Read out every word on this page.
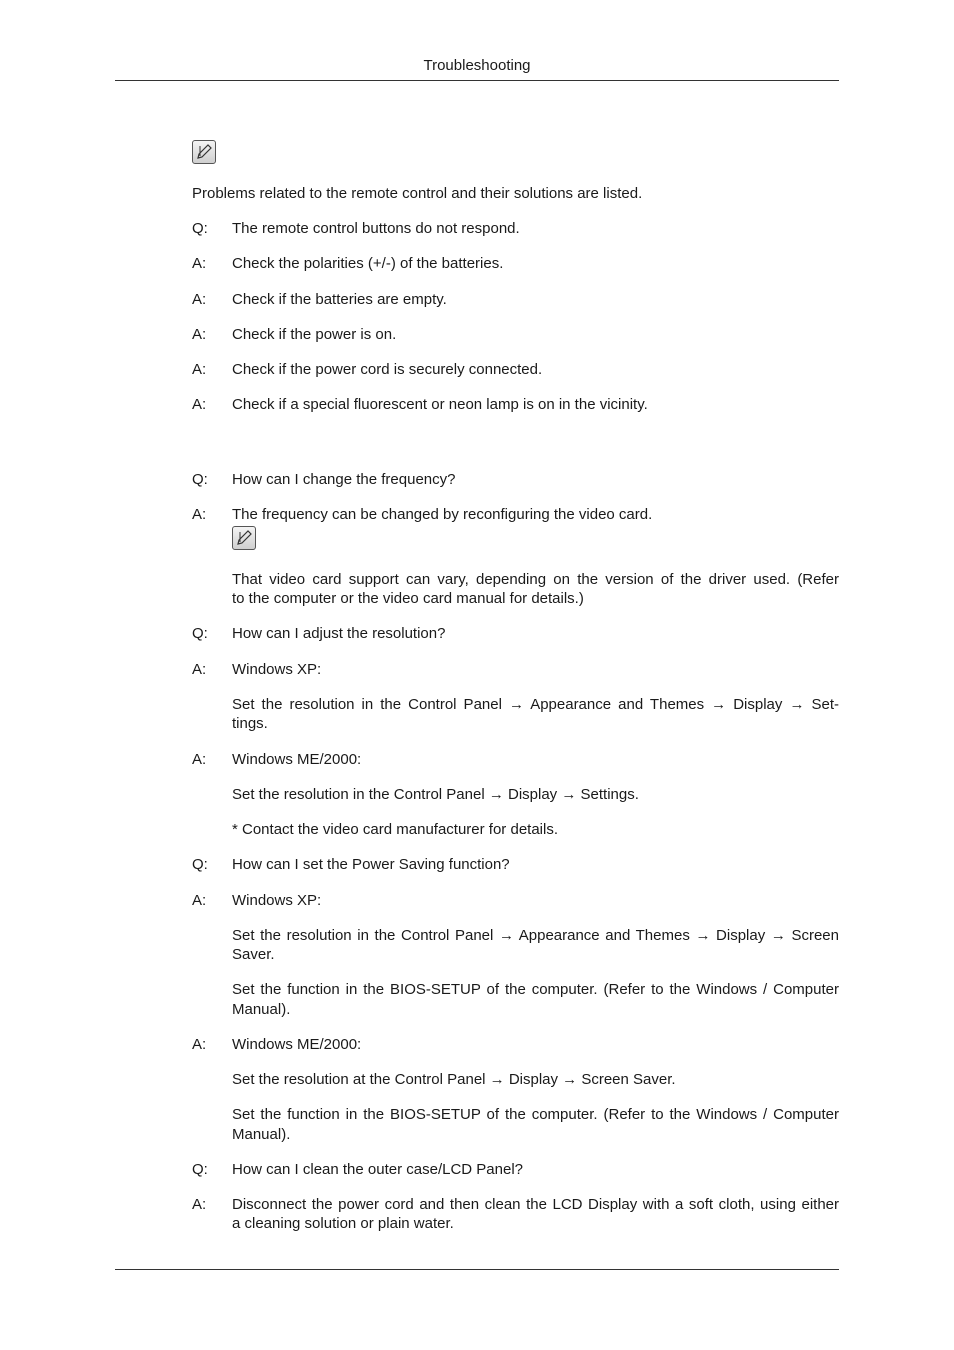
Troubleshooting
Problems related to the remote control and their solutions are listed.
Q: The remote control buttons do not respond.
A: Check the polarities (+/-) of the batteries.
A: Check if the batteries are empty.
A: Check if the power is on.
A: Check if the power cord is securely connected.
A: Check if a special fluorescent or neon lamp is on in the vicinity.
Q: How can I change the frequency?
A: The frequency can be changed by reconfiguring the video card.
That video card support can vary, depending on the version of the driver used. (Refer
to the computer or the video card manual for details.)
Q: How can I adjust the resolution?
A: Windows XP:
Set the resolution in the Control Panel → Appearance and Themes → Display → Set-
tings.
A: Windows ME/2000:
Set the resolution in the Control Panel → Display → Settings.
* Contact the video card manufacturer for details.
Q: How can I set the Power Saving function?
A: Windows XP:
Set the resolution in the Control Panel → Appearance and Themes → Display → Screen
Saver.
Set the function in the BIOS-SETUP of the computer. (Refer to the Windows / Computer
Manual).
A: Windows ME/2000:
Set the resolution at the Control Panel → Display → Screen Saver.
Set the function in the BIOS-SETUP of the computer. (Refer to the Windows / Computer
Manual).
Q: How can I clean the outer case/LCD Panel?
A: Disconnect the power cord and then clean the LCD Display with a soft cloth, using either
a cleaning solution or plain water.
